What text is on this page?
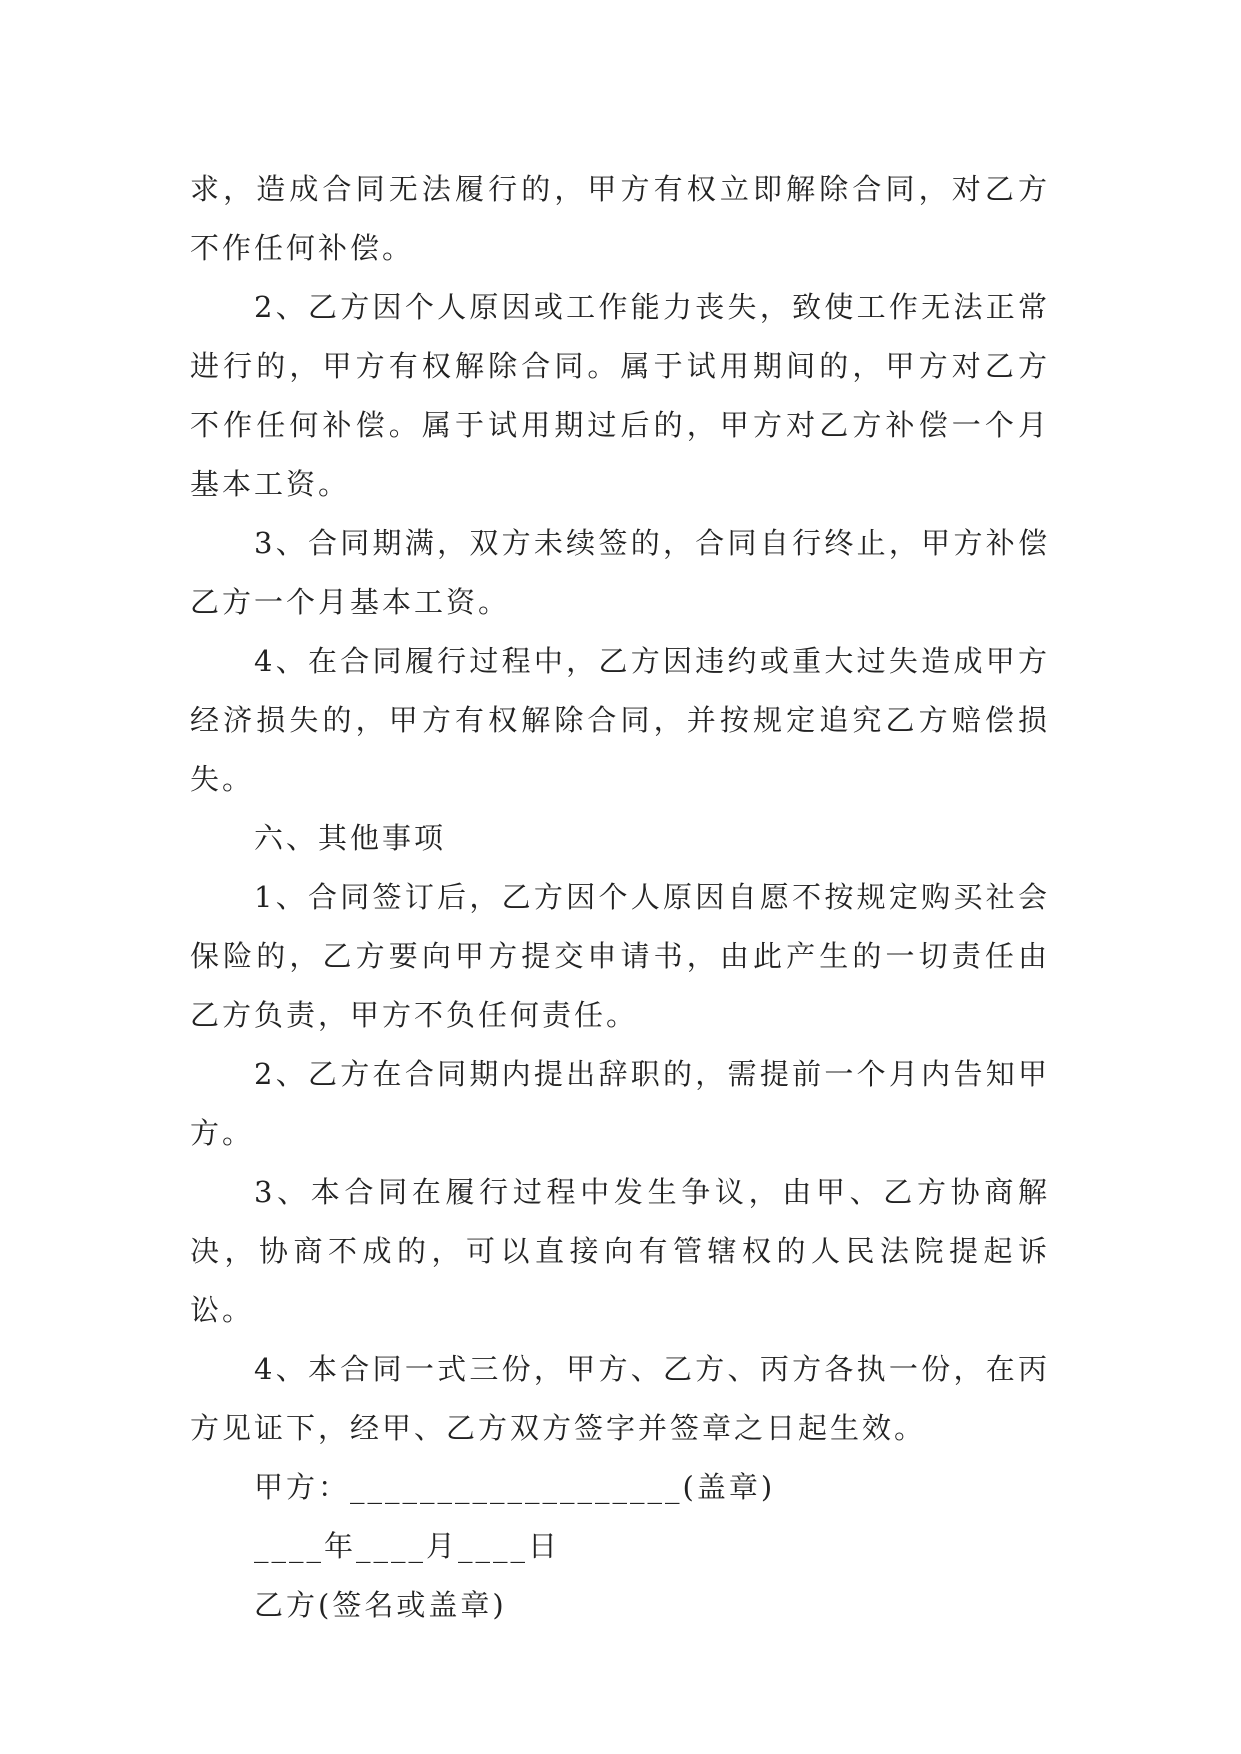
求，造成合同无法履行的，甲方有权立即解除合同，对乙方不作任何补偿。

2、乙方因个人原因或工作能力丧失，致使工作无法正常进行的，甲方有权解除合同。属于试用期间的，甲方对乙方不作任何补偿。属于试用期过后的，甲方对乙方补偿一个月基本工资。

3、合同期满，双方未续签的，合同自行终止，甲方补偿乙方一个月基本工资。

4、在合同履行过程中，乙方因违约或重大过失造成甲方经济损失的，甲方有权解除合同，并按规定追究乙方赔偿损失。

六、其他事项

1、合同签订后，乙方因个人原因自愿不按规定购买社会保险的，乙方要向甲方提交申请书，由此产生的一切责任由乙方负责，甲方不负任何责任。

2、乙方在合同期内提出辞职的，需提前一个月内告知甲方。

3、本合同在履行过程中发生争议，由甲、乙方协商解决，协商不成的，可以直接向有管辖权的人民法院提起诉讼。

4、本合同一式三份，甲方、乙方、丙方各执一份，在丙方见证下，经甲、乙方双方签字并签章之日起生效。

甲方：___________________(盖章)

____年____月____日

乙方(签名或盖章)
